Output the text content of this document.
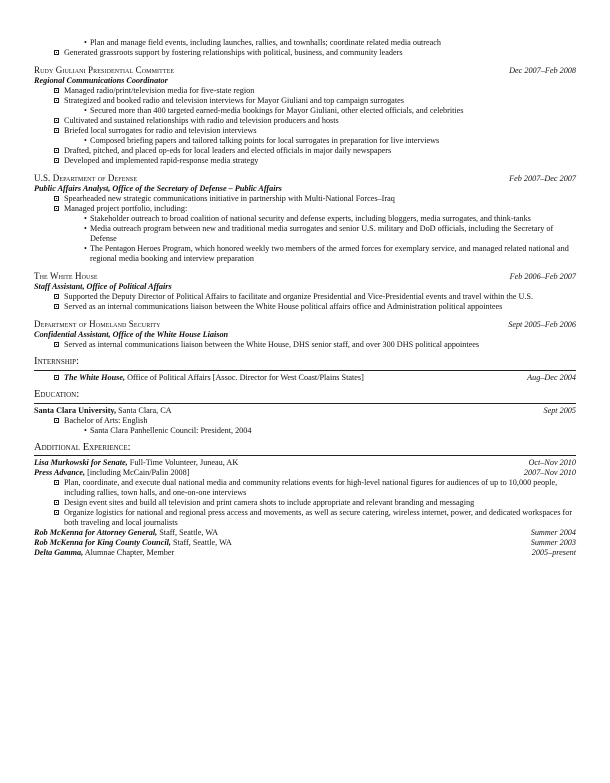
• Plan and manage field events, including launches, rallies, and townhalls; coordinate related media outreach
Generated grassroots support by fostering relationships with political, business, and community leaders
Rudy Giuliani Presidential Committee	Dec 2007–Feb 2008
Regional Communications Coordinator
Managed radio/print/television media for five-state region
Strategized and booked radio and television interviews for Mayor Giuliani and top campaign surrogates
• Secured more than 400 targeted earned-media bookings for Mayor Giuliani, other elected officials, and celebrities
Cultivated and sustained relationships with radio and television producers and hosts
Briefed local surrogates for radio and television interviews
• Composed briefing papers and tailored talking points for local surrogates in preparation for live interviews
Drafted, pitched, and placed op-eds for local leaders and elected officials in major daily newspapers
Developed and implemented rapid-response media strategy
U.S. Department of Defense	Feb 2007–Dec 2007
Public Affairs Analyst, Office of the Secretary of Defense – Public Affairs
Spearheaded new strategic communications initiative in partnership with Multi-National Forces–Iraq
Managed project portfolio, including:
• Stakeholder outreach to broad coalition of national security and defense experts, including bloggers, media surrogates, and think-tanks
• Media outreach program between new and traditional media surrogates and senior U.S. military and DoD officials, including the Secretary of Defense
• The Pentagon Heroes Program, which honored weekly two members of the armed forces for exemplary service, and managed related national and regional media booking and interview preparation
The White House	Feb 2006–Feb 2007
Staff Assistant, Office of Political Affairs
Supported the Deputy Director of Political Affairs to facilitate and organize Presidential and Vice-Presidential events and travel within the U.S.
Served as an internal communications liaison between the White House political affairs office and Administration political appointees
Department of Homeland Security	Sept 2005–Feb 2006
Confidential Assistant, Office of the White House Liaison
Served as internal communications liaison between the White House, DHS senior staff, and over 300 DHS political appointees
Internship:
The White House, Office of Political Affairs [Assoc. Director for West Coast/Plains States]	Aug–Dec 2004
Education:
Santa Clara University, Santa Clara, CA	Sept 2005
Bachelor of Arts: English
• Santa Clara Panhellenic Council: President, 2004
Additional Experience:
Lisa Murkowski for Senate, Full-Time Volunteer, Juneau, AK	Oct–Nov 2010
Press Advance, [including McCain/Palin 2008]	2007–Nov 2010
Plan, coordinate, and execute dual national media and community relations events for high-level national figures for audiences of up to 10,000 people, including rallies, town halls, and one-on-one interviews
Design event sites and build all television and print camera shots to include appropriate and relevant branding and messaging
Organize logistics for national and regional press access and movements, as well as secure catering, wireless internet, power, and dedicated workspaces for both traveling and local journalists
Rob McKenna for Attorney General, Staff, Seattle, WA	Summer 2004
Rob McKenna for King County Council, Staff, Seattle, WA	Summer 2003
Delta Gamma, Alumnae Chapter, Member	2005–present
